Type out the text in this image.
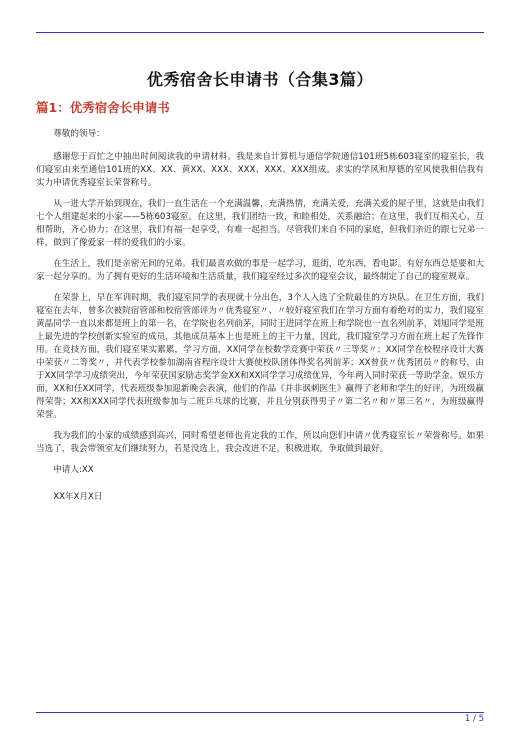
优秀宿舍长申请书（合集3篇）
篇1：优秀宿舍长申请书

尊敬的领导：

感谢您于百忙之中抽出时间阅读我的申请材料。我是来自计算机与通信学院通信101班5栋603寝室的寝室长，我们寝室由来至通信101班的XX、XX、黄XX、XXX、XXX、XXX、XXX组成。求实的学风和厚德的室风使我相信我有实力申请优秀寝室长荣誉称号。

从一进大学开始到现在，我们一直生活在一个充满温馨，充满热情，充满关爱，充满关爱的屋子里，这就是由我们七个人组建起来的小家——5栋603寝室。在这里，我们团结一致，和睦相处，关系融洽；在这里，我们互相关心，互相帮助，齐心协力；在这里，我们有福一起享受，有难一起担当。尽管我们来自不同的家庭，但我们亲近的跟七兄弟一样，做到了像爱家一样的爱我们的小家。

在生活上，我们是亲密无间的兄弟。我们最喜欢做的事是一起学习，逛街，吃东西，看电影。有好东西总是要和大家一起分享的。为了拥有更好的生活环境和生活质量，我们寝室经过多次的寝室会议，最终制定了自己的寝室规章。

在荣誉上，早在军训时期，我们寝室同学的表现就十分出色，3个人入选了全院最佳的方块队。在卫生方面，我们寝室在去年，曾多次被院宿管部和校宿管部评为〃优秀寝室〃、〃较好寝室我们在学习方面有着绝对的实力，我们寝室黄晶同学一直以来都是班上的第一名，在学院也名列前茅，同时王进同学在班上和学院也一直名列前茅，刘旭同学是班上最先进的学校创新实验室的成员，其他成员基本上也是班上的主干力量，因此，我们寝室学习方面在班上起了先锋作用。在竞技方面，我们寝室果实累累，学习方面，XX同学在校数学竞赛中荣获〃三等奖〃；XX同学在校程序设计大赛中荣获〃二等奖〃，并代表学校参加湖南省程序设计大赛使校队团体得奖名列前茅；XX曾获〃优秀团员〃的称号，由于XX同学学习成绩突出，今年荣获国家励志奖学金XX和XX同学学习成绩优异，今年两人同时荣获一等助学金。娱乐方面，XX和任XX同学，代表班级参加迎新晚会表演，他们的作品《并非讽刺医生》赢得了老师和学生的好评，为班级赢得荣誉；XX和XXX同学代表班级参加与二班乒乓球的比赛，并且分别获得男子〃第二名〃和〃第三名〃，为班级赢得荣誉。

我为我们的小家的成绩感到高兴，同时希望老师也肯定我的工作，所以向您们申请〃优秀寝室长〃荣誉称号。如果当选了，我会带领室友们继续努力，若是没选上，我会改进不足，积极进取，争取做到最好。

申请人:XX

XX年X月X日

1 / 5
